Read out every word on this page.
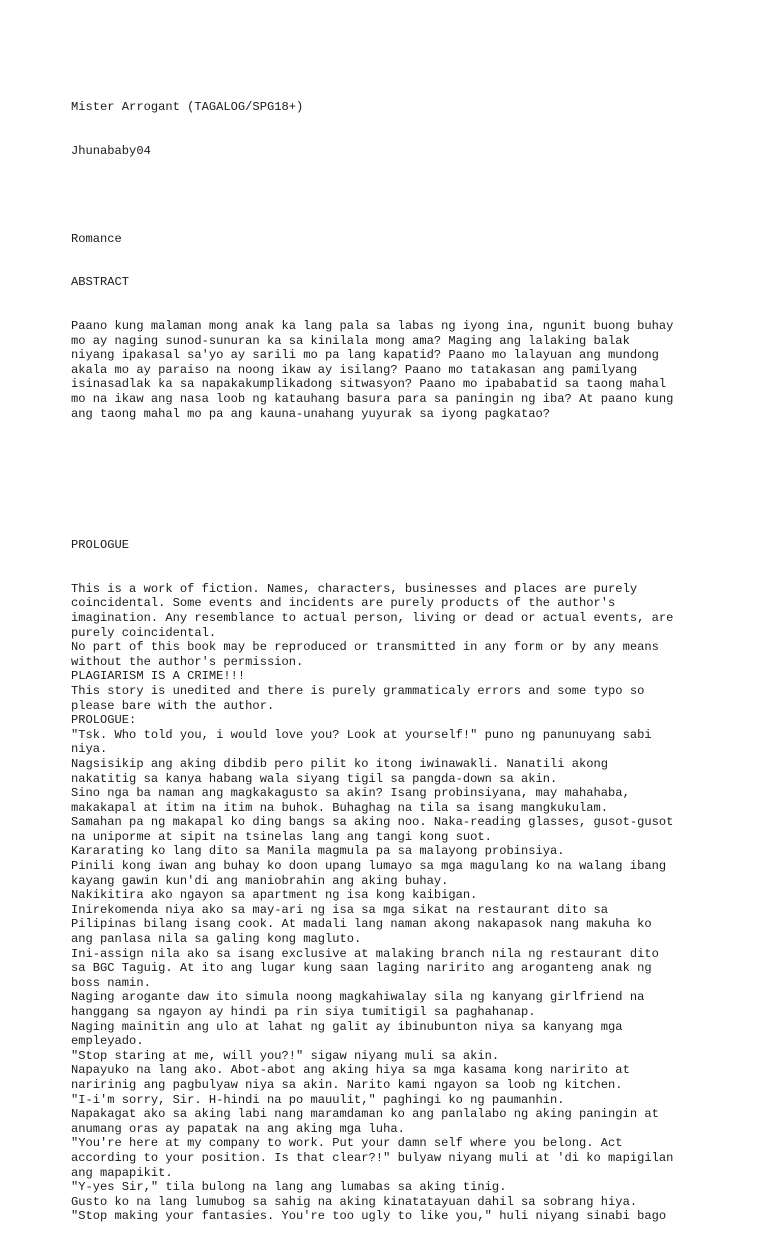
Mister Arrogant (TAGALOG/SPG18+)

Jhunababy04

Romance

ABSTRACT

Paano kung malaman mong anak ka lang pala sa labas ng iyong ina, ngunit buong buhay
mo ay naging sunod-sunuran ka sa kinilala mong ama? Maging ang lalaking balak
niyang ipakasal sa'yo ay sarili mo pa lang kapatid? Paano mo lalayuan ang mundong
akala mo ay paraiso na noong ikaw ay isilang? Paano mo tatakasan ang pamilyang
isinasadlak ka sa napakakumplikadong sitwasyon? Paano mo ipababatid sa taong mahal
mo na ikaw ang nasa loob ng katauhang basura para sa paningin ng iba? At paano kung
ang taong mahal mo pa ang kauna-unahang yuyurak sa iyong pagkatao?

PROLOGUE

This is a work of fiction. Names, characters, businesses and places are purely
coincidental. Some events and incidents are purely products of the author's
imagination. Any resemblance to actual person, living or dead or actual events, are
purely coincidental.
No part of this book may be reproduced or transmitted in any form or by any means
without the author's permission.
PLAGIARISM IS A CRIME!!!
This story is unedited and there is purely grammaticaly errors and some typo so
please bare with the author.
PROLOGUE:
"Tsk. Who told you, i would love you? Look at yourself!" puno ng panunuyang sabi
niya.
Nagsisikip ang aking dibdib pero pilit ko itong iwinawakli. Nanatili akong
nakatitig sa kanya habang wala siyang tigil sa pangda-down sa akin.
Sino nga ba naman ang magkakagusto sa akin? Isang probinsiyana, may mahahaba,
makakapal at itim na itim na buhok. Buhaghag na tila sa isang mangkukulam.
Samahan pa ng makapal ko ding bangs sa aking noo. Naka-reading glasses, gusot-gusot
na uniporme at sipit na tsinelas lang ang tangi kong suot.
Kararating ko lang dito sa Manila magmula pa sa malayong probinsiya.
Pinili kong iwan ang buhay ko doon upang lumayo sa mga magulang ko na walang ibang
kayang gawin kun'di ang maniobrahin ang aking buhay.
Nakikitira ako ngayon sa apartment ng isa kong kaibigan.
Inirekomenda niya ako sa may-ari ng isa sa mga sikat na restaurant dito sa
Pilipinas bilang isang cook. At madali lang naman akong nakapasok nang makuha ko
ang panlasa nila sa galing kong magluto.
Ini-assign nila ako sa isang exclusive at malaking branch nila ng restaurant dito
sa BGC Taguig. At ito ang lugar kung saan laging naririto ang aroganteng anak ng
boss namin.
Naging arogante daw ito simula noong magkahiwalay sila ng kanyang girlfriend na
hanggang sa ngayon ay hindi pa rin siya tumitigil sa paghahanap.
Naging mainitin ang ulo at lahat ng galit ay ibinubunton niya sa kanyang mga
empleyado.
"Stop staring at me, will you?!" sigaw niyang muli sa akin.
Napayuko na lang ako. Abot-abot ang aking hiya sa mga kasama kong naririto at
naririnig ang pagbulyaw niya sa akin. Narito kami ngayon sa loob ng kitchen.
"I-i'm sorry, Sir. H-hindi na po mauulit," paghingi ko ng paumanhin.
Napakagat ako sa aking labi nang maramdaman ko ang panlalabo ng aking paningin at
anumang oras ay papatak na ang aking mga luha.
"You're here at my company to work. Put your damn self where you belong. Act
according to your position. Is that clear?!" bulyaw niyang muli at 'di ko mapigilan
ang mapapikit.
"Y-yes Sir," tila bulong na lang ang lumabas sa aking tinig.
Gusto ko na lang lumubog sa sahig na aking kinatatayuan dahil sa sobrang hiya.
"Stop making your fantasies. You're too ugly to like you," huli niyang sinabi bago
